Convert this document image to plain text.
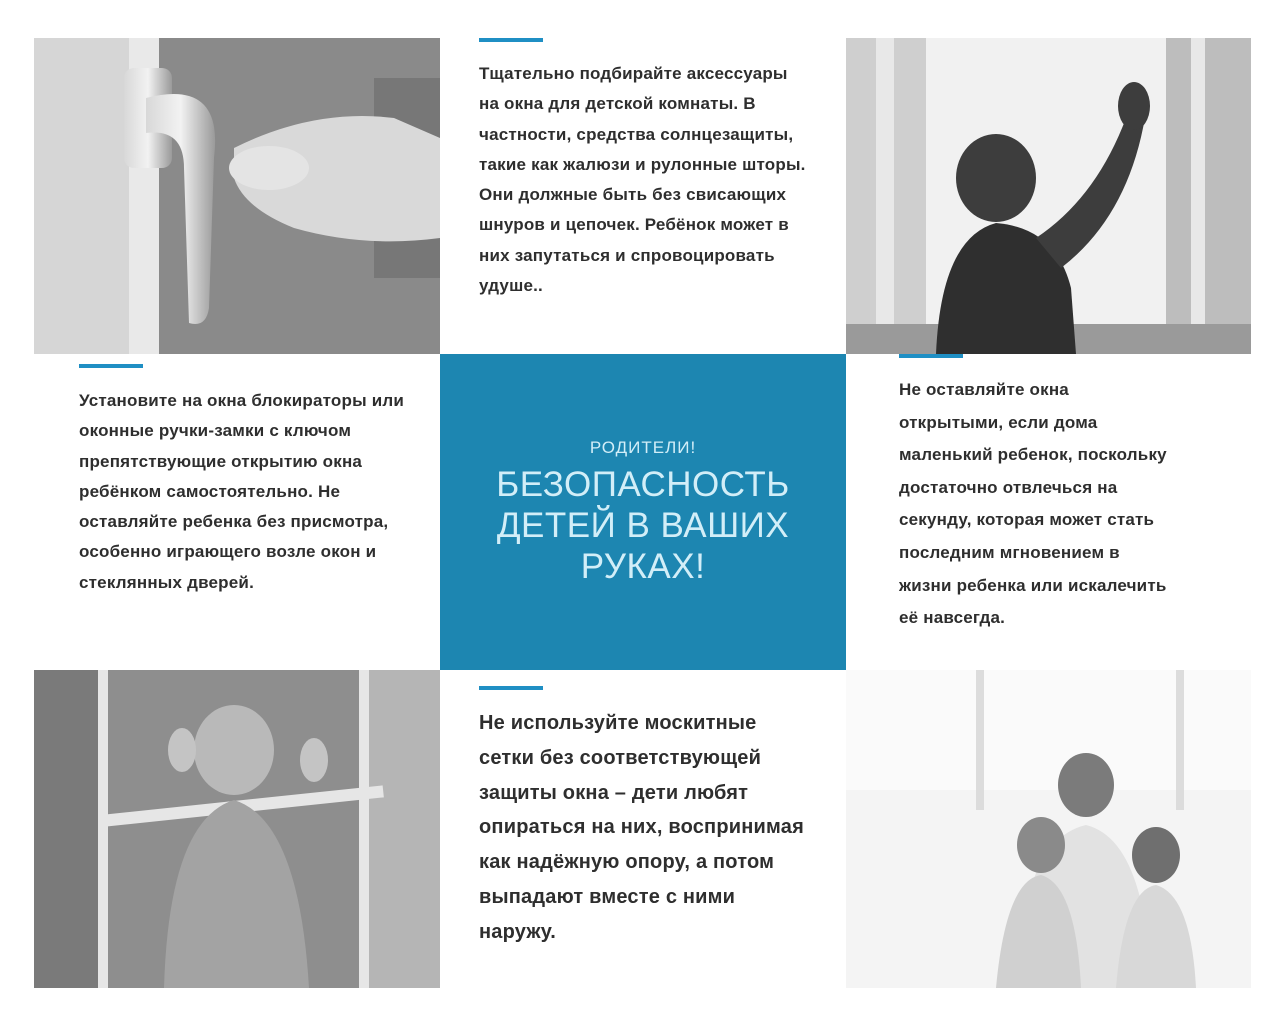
Тщательно подбирайте аксессуары на окна для детской комнаты. В частности, средства солнцезащиты, такие как жалюзи и рулонные шторы. Они должные быть без свисающих шнуров и цепочек. Ребёнок может в них запутаться и спровоцировать удуше..

Установите на окна блокираторы или оконные ручки-замки с ключом препятствующие открытию окна ребёнком самостоятельно. Не оставляйте ребенка без присмотра, особенно играющего возле окон и стеклянных дверей.

Не оставляйте окна открытыми, если дома маленький ребенок, поскольку достаточно отвлечься на секунду, которая может стать последним мгновением в жизни ребенка или искалечить её навсегда.

Не используйте москитные сетки без соответствующей защиты окна – дети любят опираться на них, воспринимая как надёжную опору, а потом выпадают вместе с ними наружу.

РОДИТЕЛИ!
БЕЗОПАСНОСТЬ ДЕТЕЙ В ВАШИХ РУКАХ!
